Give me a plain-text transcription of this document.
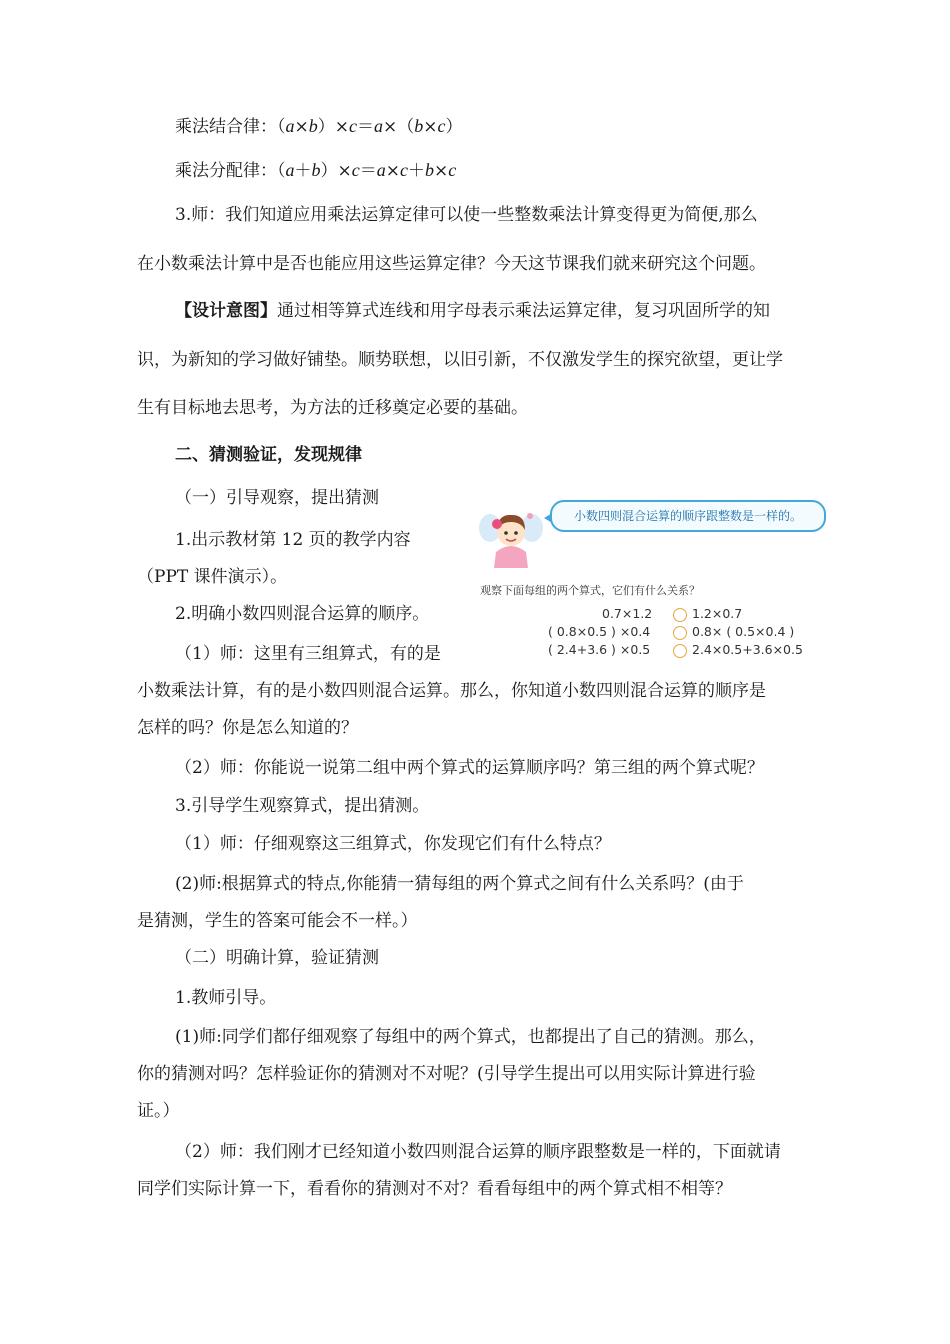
乘法结合律：（a×b）×c＝a×（b×c）
乘法分配律：（a＋b）×c＝a×c＋b×c
3.师：我们知道应用乘法运算定律可以使一些整数乘法计算变得更为简便,那么
在小数乘法计算中是否也能应用这些运算定律？今天这节课我们就来研究这个问题。
【设计意图】通过相等算式连线和用字母表示乘法运算定律，复习巩固所学的知
识，为新知的学习做好铺垫。顺势联想，以旧引新，不仅激发学生的探究欲望，更让学
生有目标地去思考，为方法的迁移奠定必要的基础。
二、猜测验证，发现规律
（一）引导观察，提出猜测
1.出示教材第 12 页的教学内容
（PPT 课件演示）。
2.明确小数四则混合运算的顺序。
（1）师：这里有三组算式，有的是
小数乘法计算，有的是小数四则混合运算。那么，你知道小数四则混合运算的顺序是
怎样的吗？你是怎么知道的？
（2）师：你能说一说第二组中两个算式的运算顺序吗？第三组的两个算式呢？
3.引导学生观察算式，提出猜测。
（1）师：仔细观察这三组算式，你发现它们有什么特点？
(2)师:根据算式的特点,你能猜一猜每组的两个算式之间有什么关系吗？(由于
是猜测，学生的答案可能会不一样。）
（二）明确计算，验证猜测
1.教师引导。
(1)师:同学们都仔细观察了每组中的两个算式，也都提出了自己的猜测。那么，
你的猜测对吗？怎样验证你的猜测对不对呢？(引导学生提出可以用实际计算进行验
证。）
（2）师：我们刚才已经知道小数四则混合运算的顺序跟整数是一样的，下面就请
同学们实际计算一下，看看你的猜测对不对？看看每组中的两个算式相不相等？
小数四则混合运算的顺序跟整数是一样的。
观察下面每组的两个算式，它们有什么关系？
0.7×1.2	1.2×0.7
( 0.8×0.5 ) ×0.4	0.8× ( 0.5×0.4 )
( 2.4+3.6 ) ×0.5	2.4×0.5+3.6×0.5
